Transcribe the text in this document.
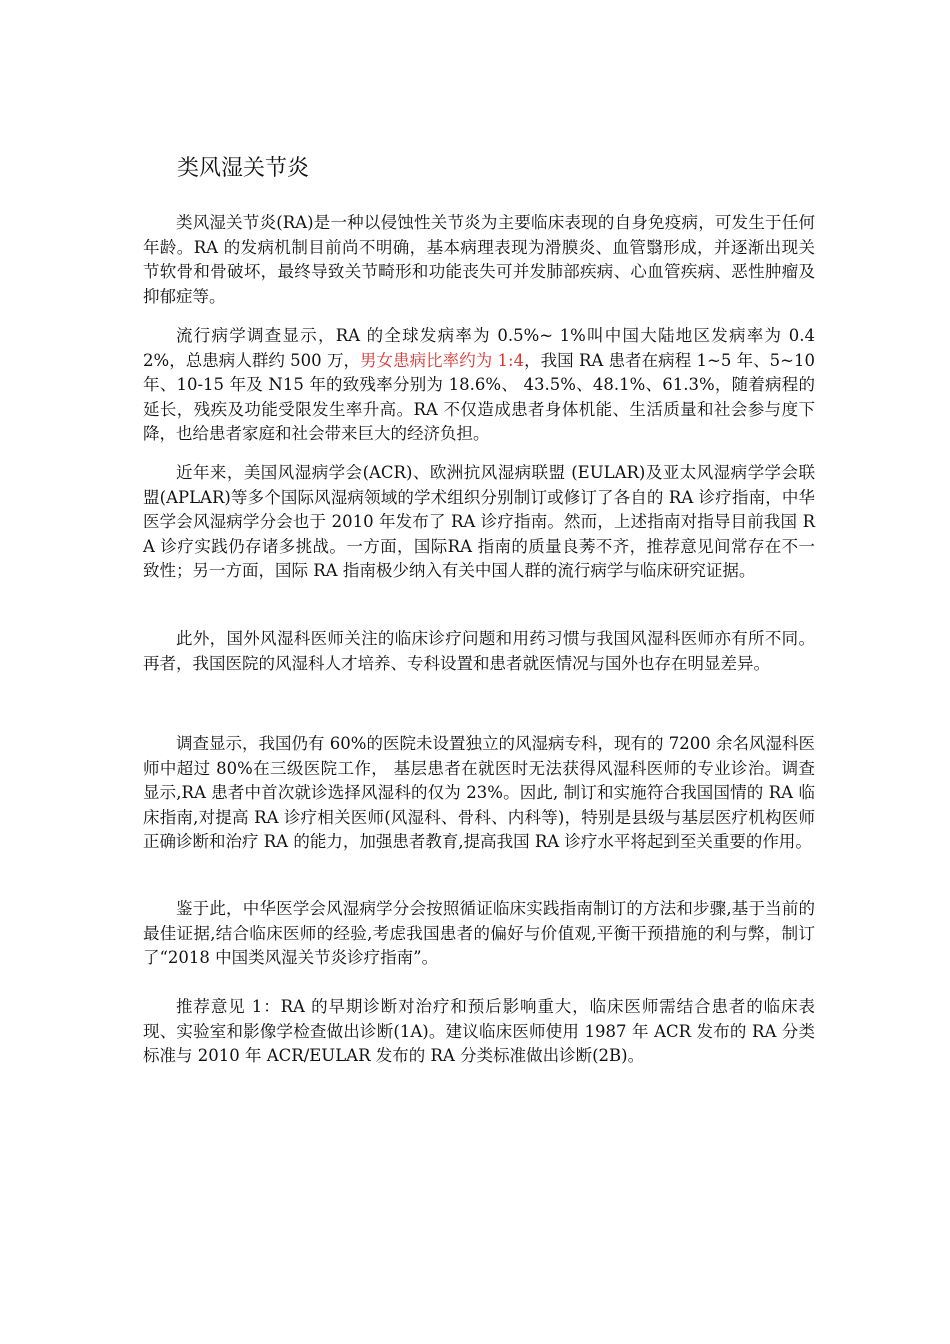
类风湿关节炎

类风湿关节炎(RA)是一种以侵蚀性关节炎为主要临床表现的自身免疫病，可发生于任何年龄。RA 的发病机制目前尚不明确，基本病理表现为滑膜炎、血管翳形成，并逐渐出现关节软骨和骨破坏，最终导致关节畸形和功能丧失可并发肺部疾病、心血管疾病、恶性肿瘤及抑郁症等。

流行病学调查显示，RA 的全球发病率为 0.5%~ 1%叫中国大陆地区发病率为 0.42%，总患病人群约 500 万，男女患病比率约为 1:4，我国 RA 患者在病程 1~5 年、5~10 年、10-15 年及 N15 年的致残率分别为 18.6%、 43.5%、48.1%、61.3%，随着病程的延长，残疾及功能受限发生率升高。RA 不仅造成患者身体机能、生活质量和社会参与度下降，也给患者家庭和社会带来巨大的经济负担。

近年来，美国风湿病学会(ACR)、欧洲抗风湿病联盟 (EULAR)及亚太风湿病学学会联盟(APLAR)等多个国际风湿病领域的学术组织分别制订或修订了各自的 RA 诊疗指南，中华医学会风湿病学分会也于 2010 年发布了 RA 诊疗指南。然而，上述指南对指导目前我国 RA 诊疗实践仍存诸多挑战。一方面，国际RA 指南的质量良莠不齐，推荐意见间常存在不一致性；另一方面，国际 RA 指南极少纳入有关中国人群的流行病学与临床研究证据。

此外，国外风湿科医师关注的临床诊疗问题和用药习惯与我国风湿科医师亦有所不同。再者，我国医院的风湿科人才培养、专科设置和患者就医情况与国外也存在明显差异。

调查显示，我国仍有 60%的医院未设置独立的风湿病专科，现有的 7200 余名风湿科医师中超过 80%在三级医院工作， 基层患者在就医时无法获得风湿科医师的专业诊治。调查显示,RA 患者中首次就诊选择风湿科的仅为 23%。因此, 制订和实施符合我国国情的 RA 临床指南,对提高 RA 诊疗相关医师(风湿科、骨科、内科等)，特别是县级与基层医疗机构医师正确诊断和治疗 RA 的能力，加强患者教育,提高我国 RA 诊疗水平将起到至关重要的作用。

鉴于此，中华医学会风湿病学分会按照循证临床实践指南制订的方法和步骤,基于当前的最佳证据,结合临床医师的经验,考虑我国患者的偏好与价值观,平衡干预措施的利与弊，制订了“2018 中国类风湿关节炎诊疗指南”。

推荐意见 1：RA 的早期诊断对治疗和预后影响重大，临床医师需结合患者的临床表现、实验室和影像学检查做出诊断(1A)。建议临床医师使用 1987 年 ACR 发布的 RA 分类标准与 2010 年 ACR/EULAR 发布的 RA 分类标准做出诊断(2B)。
